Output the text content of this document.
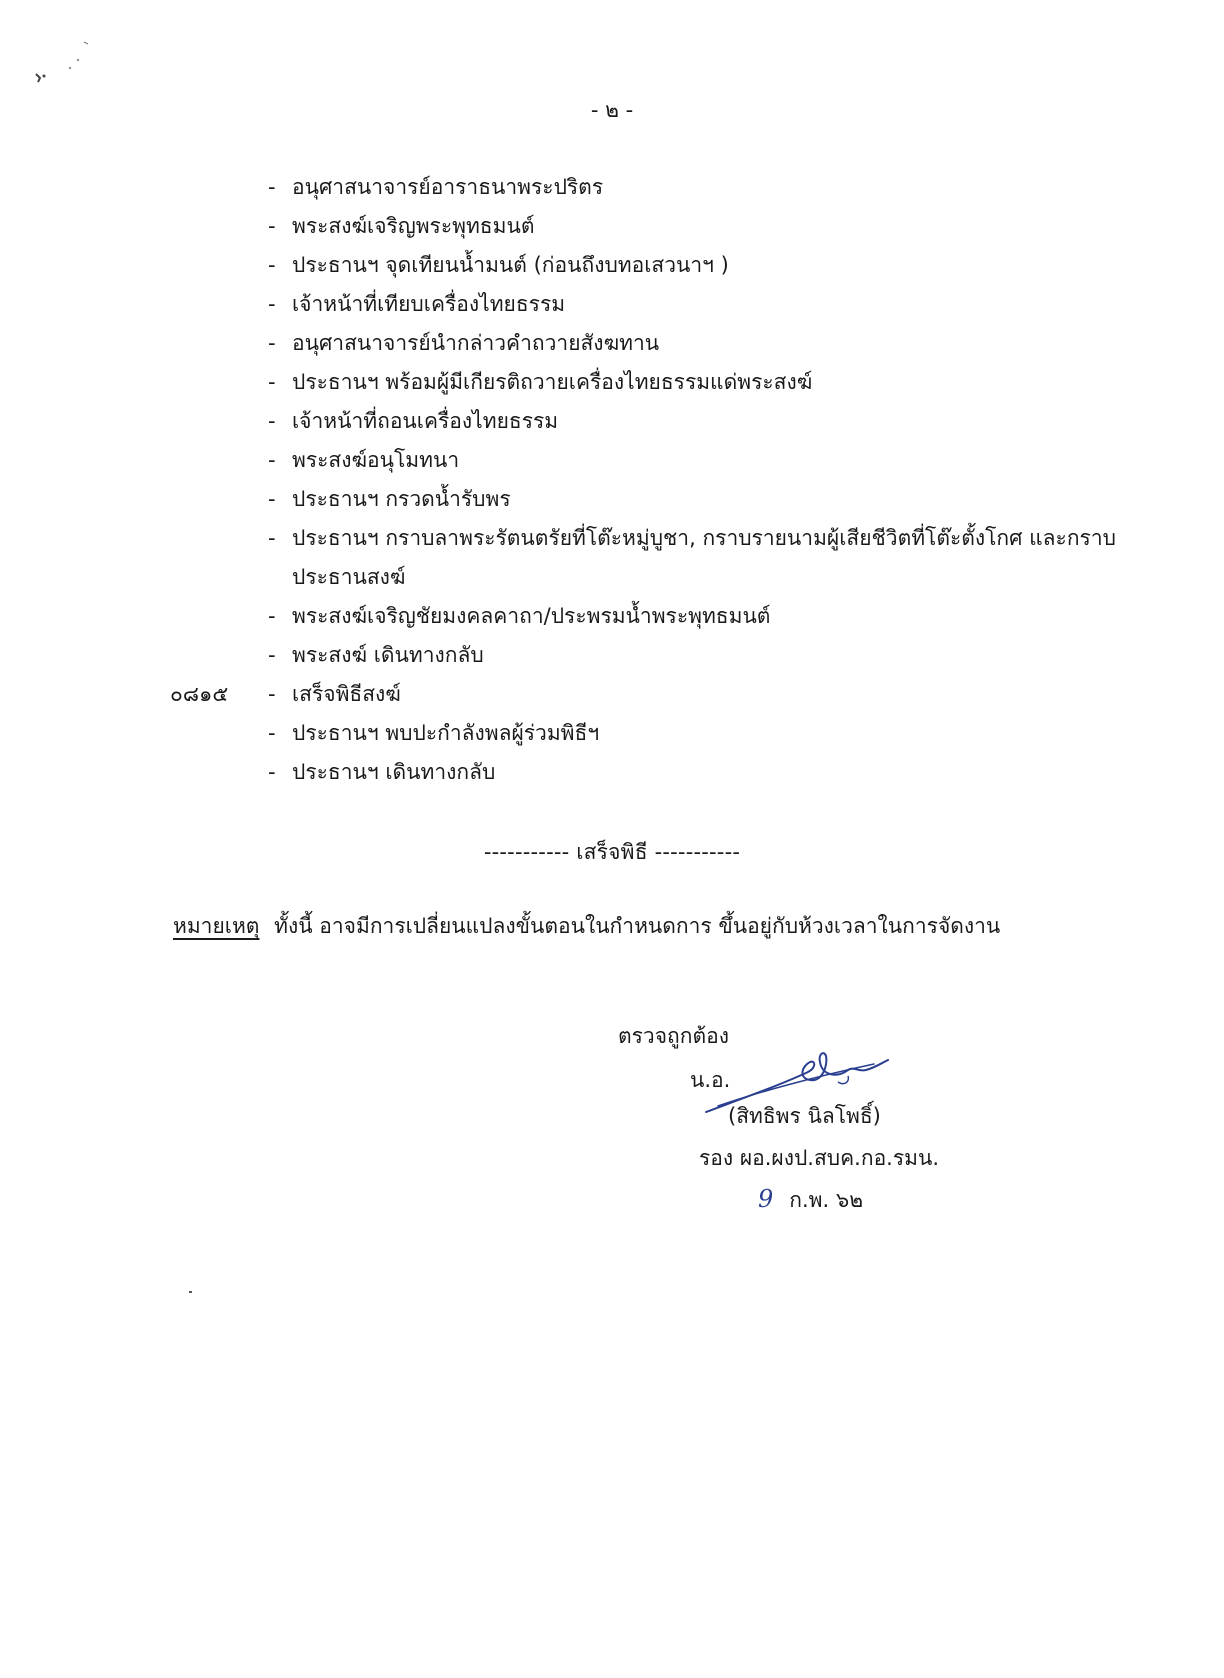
- ๒ -
- อนุศาสนาจารย์อาราธนาพระปริตร
- พระสงฆ์เจริญพระพุทธมนต์
- ประธานฯ จุดเทียนน้ำมนต์ (ก่อนถึงบทอเสวนาฯ )
- เจ้าหน้าที่เทียบเครื่องไทยธรรม
- อนุศาสนาจารย์นำกล่าวคำถวายสังฆทาน
- ประธานฯ พร้อมผู้มีเกียรติถวายเครื่องไทยธรรมแด่พระสงฆ์
- เจ้าหน้าที่ถอนเครื่องไทยธรรม
- พระสงฆ์อนุโมทนา
- ประธานฯ กรวดน้ำรับพร
- ประธานฯ กราบลาพระรัตนตรัยที่โต๊ะหมู่บูชา, กราบรายนามผู้เสียชีวิตที่โต๊ะตั้งโกศ และกราบประธานสงฆ์
- พระสงฆ์เจริญชัยมงคลคาถา/ประพรมน้ำพระพุทธมนต์
- พระสงฆ์ เดินทางกลับ
๐๘๑๕	- เสร็จพิธีสงฆ์
- ประธานฯ พบปะกำลังพลผู้ร่วมพิธีฯ
- ประธานฯ เดินทางกลับ
----------- เสร็จพิธี -----------
หมายเหตุ ทั้งนี้ อาจมีการเปลี่ยนแปลงขั้นตอนในกำหนดการ ขึ้นอยู่กับห้วงเวลาในการจัดงาน
ตรวจถูกต้อง
น.อ.
(สิทธิพร นิลโพธิ์)
รอง ผอ.ผงป.สบค.กอ.รมน.
9 ก.พ. ๖๒
